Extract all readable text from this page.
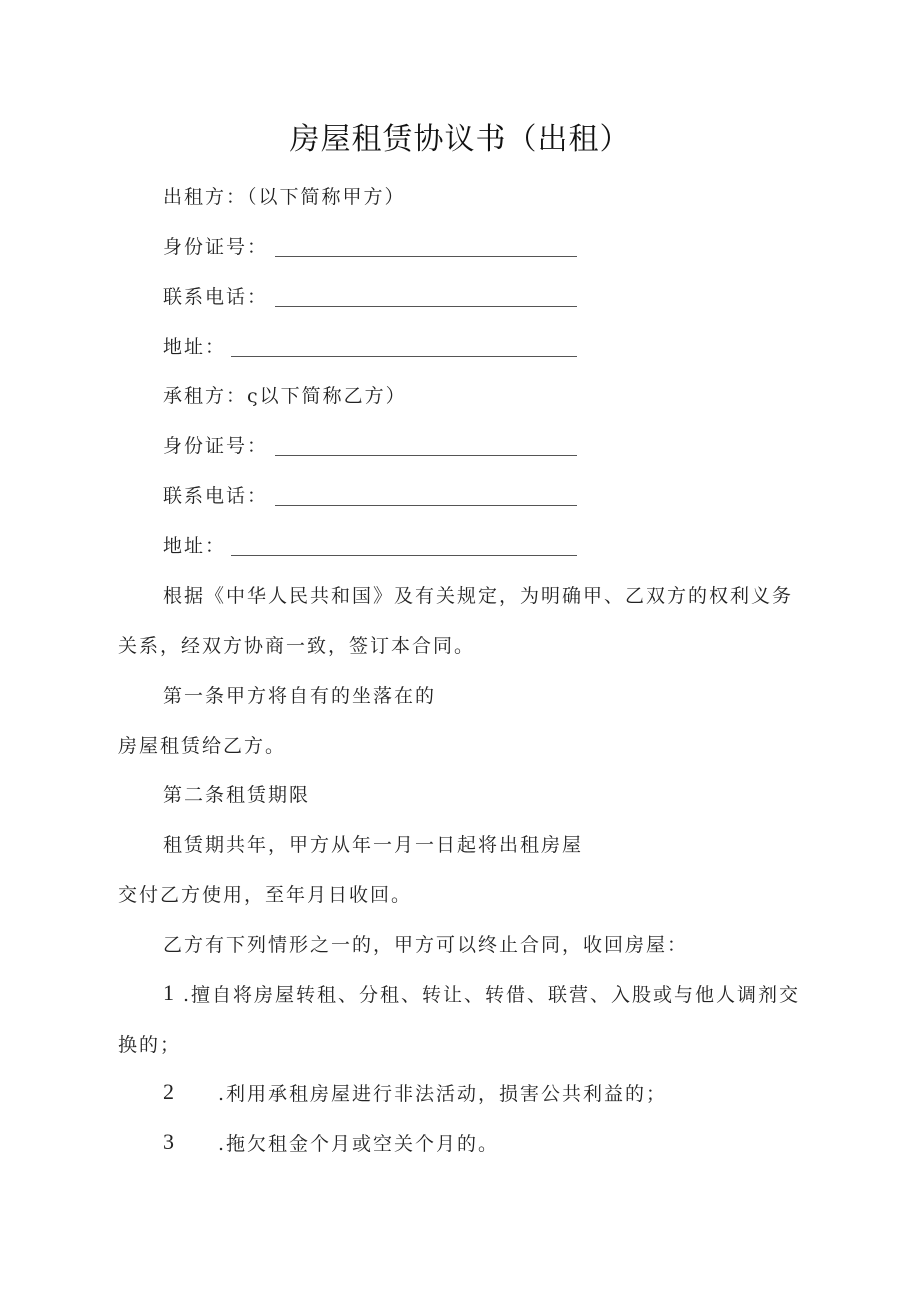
房屋租赁协议书（出租）
出租方：（以下简称甲方）
身份证号：
联系电话：
地址：
承租方：ς以下简称乙方）
身份证号：
联系电话：
地址：
根据《中华人民共和国》及有关规定，为明确甲、乙双方的权利义务
关系，经双方协商一致，签订本合同。
第一条甲方将自有的坐落在的
房屋租赁给乙方。
第二条租赁期限
租赁期共年，甲方从年一月一日起将出租房屋
交付乙方使用，至年月日收回。
乙方有下列情形之一的，甲方可以终止合同，收回房屋：
1 .擅自将房屋转租、分租、转让、转借、联营、入股或与他人调剂交
换的；
2 .利用承租房屋进行非法活动，损害公共利益的；
3 .拖欠租金个月或空关个月的。
